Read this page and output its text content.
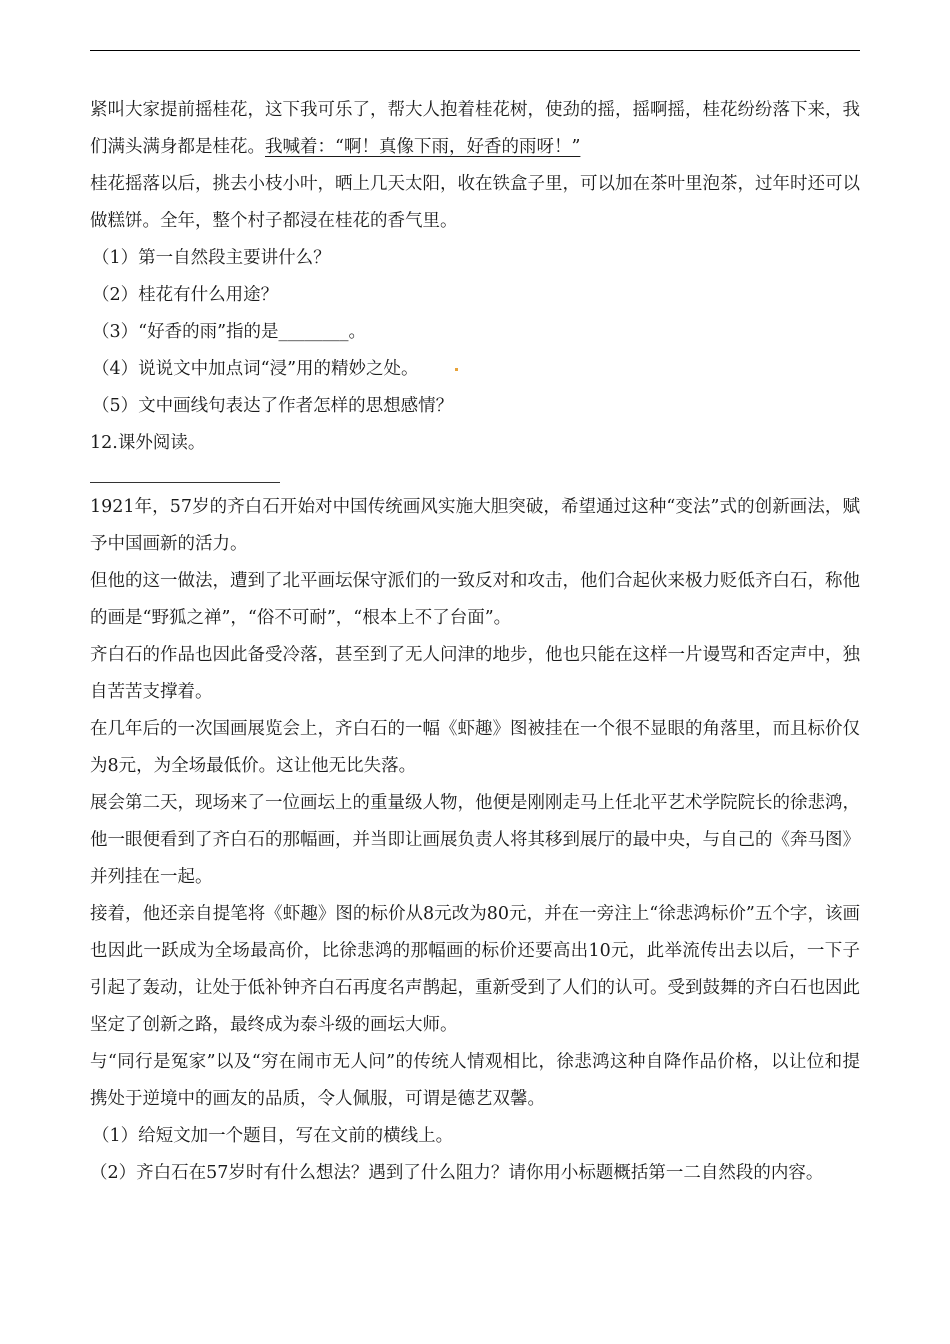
紧叫大家提前摇桂花，这下我可乐了，帮大人抱着桂花树，使劲的摇，摇啊摇，桂花纷纷落下来，我们满头满身都是桂花。我喊着：“啊！真像下雨，好香的雨呀！”

桂花摇落以后，挑去小枝小叶，晒上几天太阳，收在铁盒子里，可以加在茶叶里泡茶，过年时还可以做糕饼。全年，整个村子都浸在桂花的香气里。

（1）第一自然段主要讲什么？

（2）桂花有什么用途？

（3）“好香的雨”指的是________。

（4）说说文中加点词“浸”用的精妙之处。

（5）文中画线句表达了作者怎样的思想感情？

12.课外阅读。

1921年，57岁的齐白石开始对中国传统画风实施大胆突破，希望通过这种“变法”式的创新画法，赋予中国画新的活力。

但他的这一做法，遭到了北平画坛保守派们的一致反对和攻击，他们合起伙来极力贬低齐白石，称他的画是“野狐之禅”，“俗不可耐”，“根本上不了台面”。

齐白石的作品也因此备受冷落，甚至到了无人问津的地步，他也只能在这样一片谩骂和否定声中，独自苦苦支撑着。

在几年后的一次国画展览会上，齐白石的一幅《虾趣》图被挂在一个很不显眼的角落里，而且标价仅为8元，为全场最低价。这让他无比失落。

展会第二天，现场来了一位画坛上的重量级人物，他便是刚刚走马上任北平艺术学院院长的徐悲鸿，他一眼便看到了齐白石的那幅画，并当即让画展负责人将其移到展厅的最中央，与自己的《奔马图》并列挂在一起。

接着，他还亲自提笔将《虾趣》图的标价从8元改为80元，并在一旁注上“徐悲鸿标价”五个字，该画也因此一跃成为全场最高价，比徐悲鸿的那幅画的标价还要高出10元，此举流传出去以后，一下子引起了轰动，让处于低补钟齐白石再度名声鹊起，重新受到了人们的认可。受到鼓舞的齐白石也因此坚定了创新之路，最终成为泰斗级的画坛大师。

与“同行是冤家”以及“穷在闹市无人问”的传统人情观相比，徐悲鸿这种自降作品价格，以让位和提携处于逆境中的画友的品质，令人佩服，可谓是德艺双馨。

（1）给短文加一个题目，写在文前的横线上。

（2）齐白石在57岁时有什么想法？遇到了什么阻力？请你用小标题概括第一二自然段的内容。
